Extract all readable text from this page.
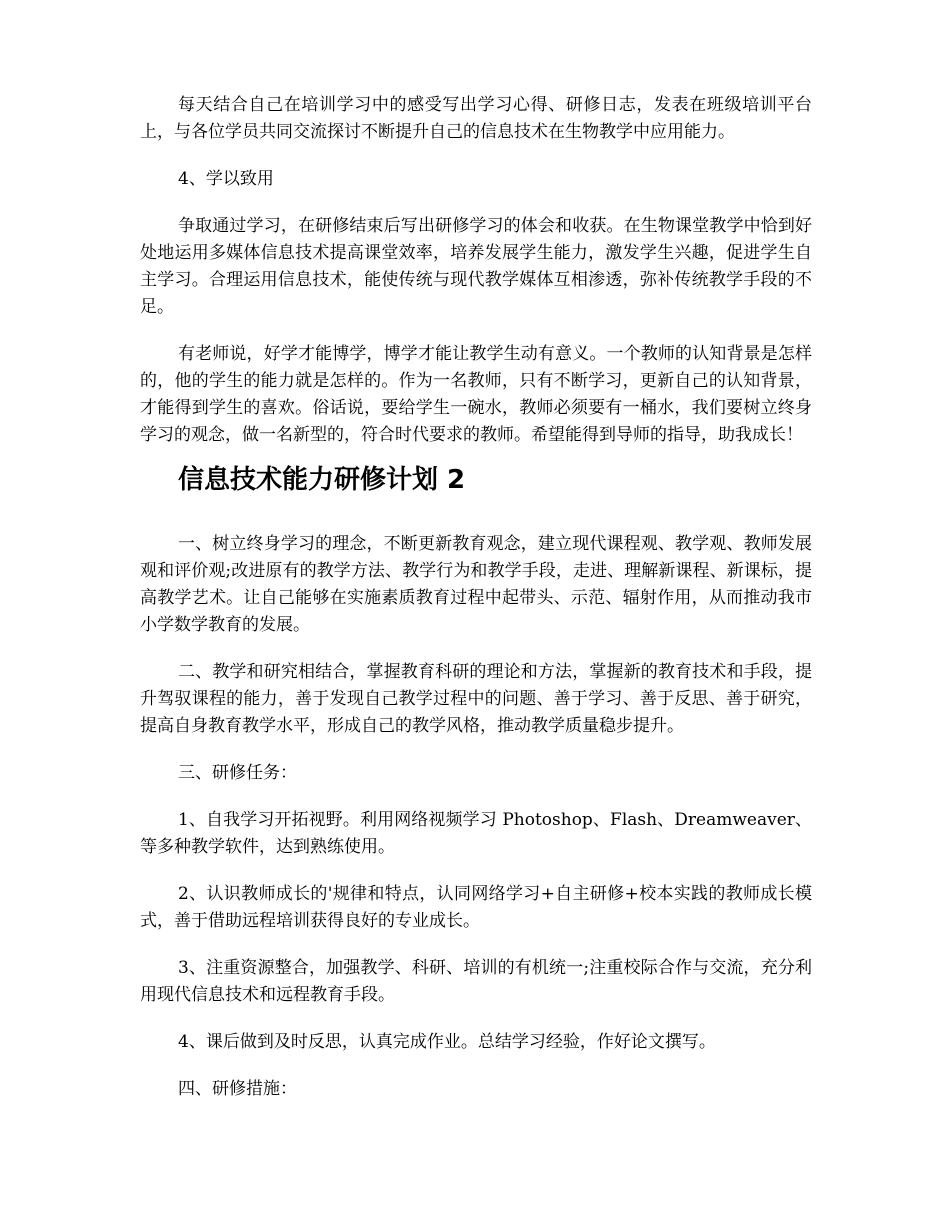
每天结合自己在培训学习中的感受写出学习心得、研修日志，发表在班级培训平台上，与各位学员共同交流探讨不断提升自己的信息技术在生物教学中应用能力。

4、学以致用

争取通过学习，在研修结束后写出研修学习的体会和收获。在生物课堂教学中恰到好处地运用多媒体信息技术提高课堂效率，培养发展学生能力，激发学生兴趣，促进学生自主学习。合理运用信息技术，能使传统与现代教学媒体互相渗透，弥补传统教学手段的不足。

有老师说，好学才能博学，博学才能让教学生动有意义。一个教师的认知背景是怎样的，他的学生的能力就是怎样的。作为一名教师，只有不断学习，更新自己的认知背景，才能得到学生的喜欢。俗话说，要给学生一碗水，教师必须要有一桶水，我们要树立终身学习的观念，做一名新型的，符合时代要求的教师。希望能得到导师的指导，助我成长！

信息技术能力研修计划 2

一、树立终身学习的理念，不断更新教育观念，建立现代课程观、教学观、教师发展观和评价观;改进原有的教学方法、教学行为和教学手段，走进、理解新课程、新课标，提高教学艺术。让自己能够在实施素质教育过程中起带头、示范、辐射作用，从而推动我市小学数学教育的发展。

二、教学和研究相结合，掌握教育科研的理论和方法，掌握新的教育技术和手段，提升驾驭课程的能力，善于发现自己教学过程中的问题、善于学习、善于反思、善于研究，提高自身教育教学水平，形成自己的教学风格，推动教学质量稳步提升。

三、研修任务：

1、自我学习开拓视野。利用网络视频学习 Photoshop、Flash、Dreamweaver、等多种教学软件，达到熟练使用。

2、认识教师成长的'规律和特点，认同网络学习+自主研修+校本实践的教师成长模式，善于借助远程培训获得良好的专业成长。

3、注重资源整合，加强教学、科研、培训的有机统一;注重校际合作与交流，充分利用现代信息技术和远程教育手段。

4、课后做到及时反思，认真完成作业。总结学习经验，作好论文撰写。

四、研修措施：
